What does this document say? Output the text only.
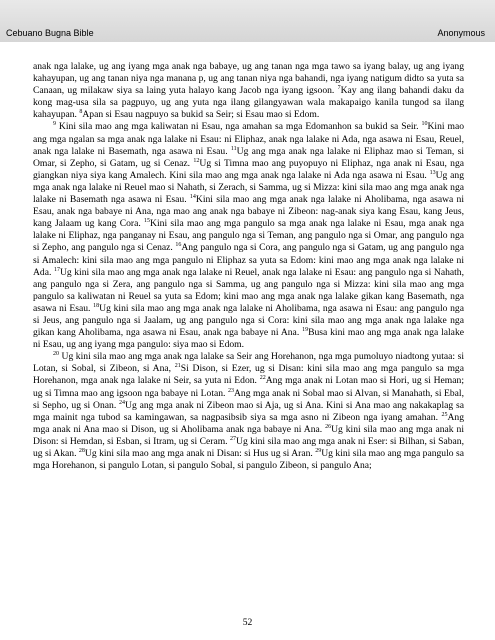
Cebuano Bugna Bible	Anonymous

anak nga lalake, ug ang iyang mga anak nga babaye, ug ang tanan nga mga tawo sa iyang balay, ug ang iyang kahayupan, ug ang tanan niya nga manana p, ug ang tanan niya nga bahandi, nga iyang natigum didto sa yuta sa Canaan, ug milakaw siya sa laing yuta halayo kang Jacob nga iyang igsoon. $^7$Kay ang ilang bahandi daku da kong mag-usa sila sa pagpuyo, ug ang yuta nga ilang gilangyawan wala makapaigo kanila tungod sa ilang kahayupan. $^8$Apan si Esau nagpuyo sa bukid sa Seir; si Esau mao si Edom.

$^9$ Kini sila mao ang mga kaliwatan ni Esau, nga amahan sa mga Edomanhon sa bukid sa Seir. $^{10}$Kini mao ang mga ngalan sa mga anak nga lalake ni Esau: ni Eliphaz, anak nga lalake ni Ada, nga asawa ni Esau, Reuel, anak nga lalake ni Basemath, nga asawa ni Esau. $^{11}$Ug ang mga anak nga lalake ni Eliphaz mao si Teman, si Omar, si Zepho, si Gatam, ug si Cenaz. $^{12}$Ug si Timna mao ang puyopuyo ni Eliphaz, nga anak ni Esau, nga giangkan niya siya kang Amalech. Kini sila mao ang mga anak nga lalake ni Ada nga asawa ni Esau. $^{13}$Ug ang mga anak nga lalake ni Reuel mao si Nahath, si Zerach, si Samma, ug si Mizza: kini sila mao ang mga anak nga lalake ni Basemath nga asawa ni Esau. $^{14}$Kini sila mao ang mga anak nga lalake ni Aholibama, nga asawa ni Esau, anak nga babaye ni Ana, nga mao ang anak nga babaye ni Zibeon: nag-anak siya kang Esau, kang Jeus, kang Jalaam ug kang Cora. $^{15}$Kini sila mao ang mga pangulo sa mga anak nga lalake ni Esau, mga anak nga lalake ni Eliphaz, nga panganay ni Esau, ang pangulo nga si Teman, ang pangulo nga si Omar, ang pangulo nga si Zepho, ang pangulo nga si Cenaz. $^{16}$Ang pangulo nga si Cora, ang pangulo nga si Gatam, ug ang pangulo nga si Amalech: kini sila mao ang mga pangulo ni Eliphaz sa yuta sa Edom: kini mao ang mga anak nga lalake ni Ada. $^{17}$Ug kini sila mao ang mga anak nga lalake ni Reuel, anak nga lalake ni Esau: ang pangulo nga si Nahath, ang pangulo nga si Zera, ang pangulo nga si Samma, ug ang pangulo nga si Mizza: kini sila mao ang mga pangulo sa kaliwatan ni Reuel sa yuta sa Edom; kini mao ang mga anak nga lalake gikan kang Basemath, nga asawa ni Esau. $^{18}$Ug kini sila mao ang mga anak nga lalake ni Aholibama, nga asawa ni Esau: ang pangulo nga si Jeus, ang pangulo nga si Jaalam, ug ang pangulo nga si Cora: kini sila mao ang mga anak nga lalake nga gikan kang Aholibama, nga asawa ni Esau, anak nga babaye ni Ana. $^{19}$Busa kini mao ang mga anak nga lalake ni Esau, ug ang iyang mga pangulo: siya mao si Edom.

$^{20}$ Ug kini sila mao ang mga anak nga lalake sa Seir ang Horehanon, nga mga pumoluyo niadtong yutaa: si Lotan, si Sobal, si Zibeon, si Ana, $^{21}$Si Dison, si Ezer, ug si Disan: kini sila mao ang mga pangulo sa mga Horehanon, mga anak nga lalake ni Seir, sa yuta ni Edon. $^{22}$Ang mga anak ni Lotan mao si Hori, ug si Heman; ug si Timna mao ang igsoon nga babaye ni Lotan. $^{23}$Ang mga anak ni Sobal mao si Alvan, si Manahath, si Ebal, si Sepho, ug si Onan. $^{24}$Ug ang mga anak ni Zibeon mao si Aja, ug si Ana. Kini si Ana mao ang nakakaplag sa mga mainit nga tubod sa kamingawan, sa nagpasibsib siya sa mga asno ni Zibeon nga iyang amahan. $^{25}$Ang mga anak ni Ana mao si Dison, ug si Aholibama anak nga babaye ni Ana. $^{26}$Ug kini sila mao ang mga anak ni Dison: si Hemdan, si Esban, si Itram, ug si Ceram. $^{27}$Ug kini sila mao ang mga anak ni Eser: si Bilhan, si Saban, ug si Akan. $^{28}$Ug kini sila mao ang mga anak ni Disan: si Hus ug si Aran. $^{29}$Ug kini sila mao ang mga pangulo sa mga Horehanon, si pangulo Lotan, si pangulo Sobal, si pangulo Zibeon, si pangulo Ana;

52
